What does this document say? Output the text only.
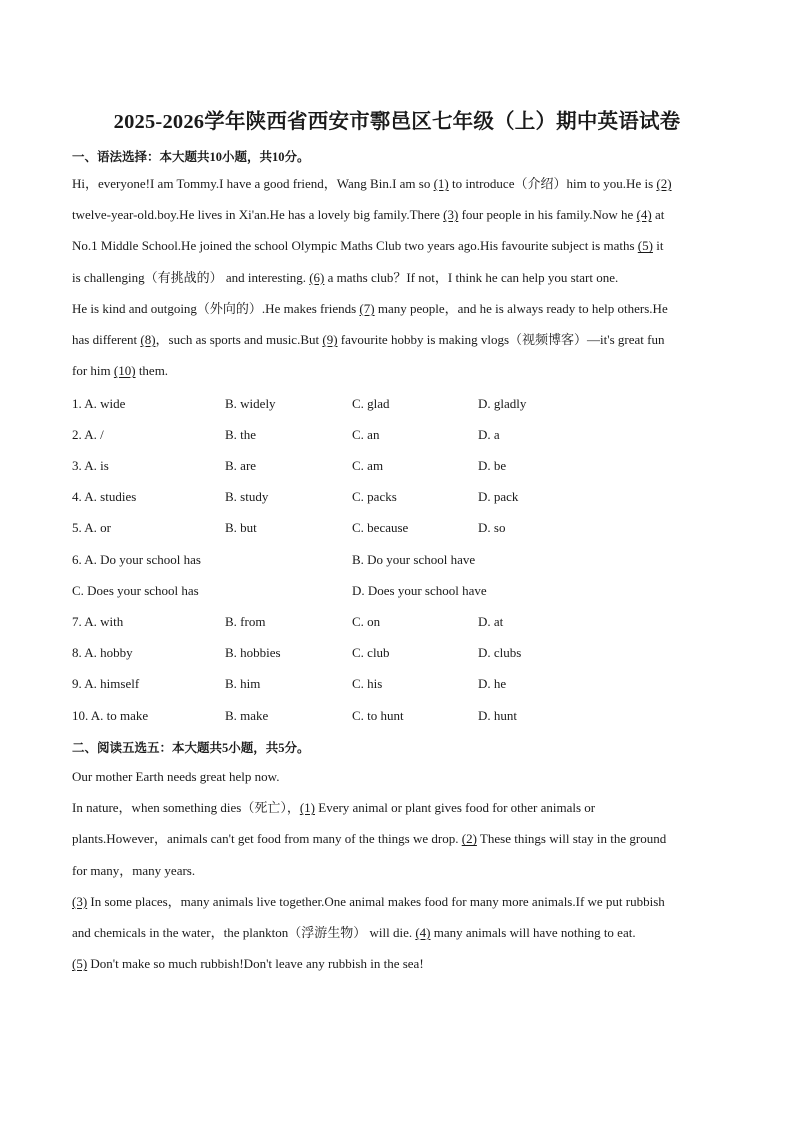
2025-2026学年陕西省西安市鄠邑区七年级（上）期中英语试卷
一、语法选择：本大题共10小题，共10分。
Hi，everyone!I am Tommy.I have a good friend，Wang Bin.I am so (1) to introduce（介绍）him to you.He is (2)
twelve-year-old.boy.He lives in Xi'an.He has a lovely big family.There (3) four people in his family.Now he (4) at
No.1 Middle School.He joined the school Olympic Maths Club two years ago.His favourite subject is maths (5) it
is challenging（有挑战的） and interesting. (6) a maths club？If not，I think he can help you start one.
He is kind and outgoing（外向的）.He makes friends (7) many people，and he is always ready to help others.He
has different (8)，such as sports and music.But (9) favourite hobby is making vlogs（视频博客）—it's great fun
for him (10) them.
1. A. wide	B. widely	C. glad	D. gladly
2. A. /	B. the	C. an	D. a
3. A. is	B. are	C. am	D. be
4. A. studies	B. study	C. packs	D. pack
5. A. or	B. but	C. because	D. so
6. A. Do your school has	B. Do your school have
C. Does your school has	D. Does your school have
7. A. with	B. from	C. on	D. at
8. A. hobby	B. hobbies	C. club	D. clubs
9. A. himself	B. him	C. his	D. he
10. A. to make	B. make	C. to hunt	D. hunt
二、阅读五选五：本大题共5小题，共5分。
Our mother Earth needs great help now.
In nature，when something dies（死亡），(1) Every animal or plant gives food for other animals or
plants.However，animals can't get food from many of the things we drop. (2) These things will stay in the ground
for many，many years.
(3) In some places，many animals live together.One animal makes food for many more animals.If we put rubbish
and chemicals in the water，the plankton（浮游生物） will die. (4) many animals will have nothing to eat.
(5) Don't make so much rubbish!Don't leave any rubbish in the sea!
